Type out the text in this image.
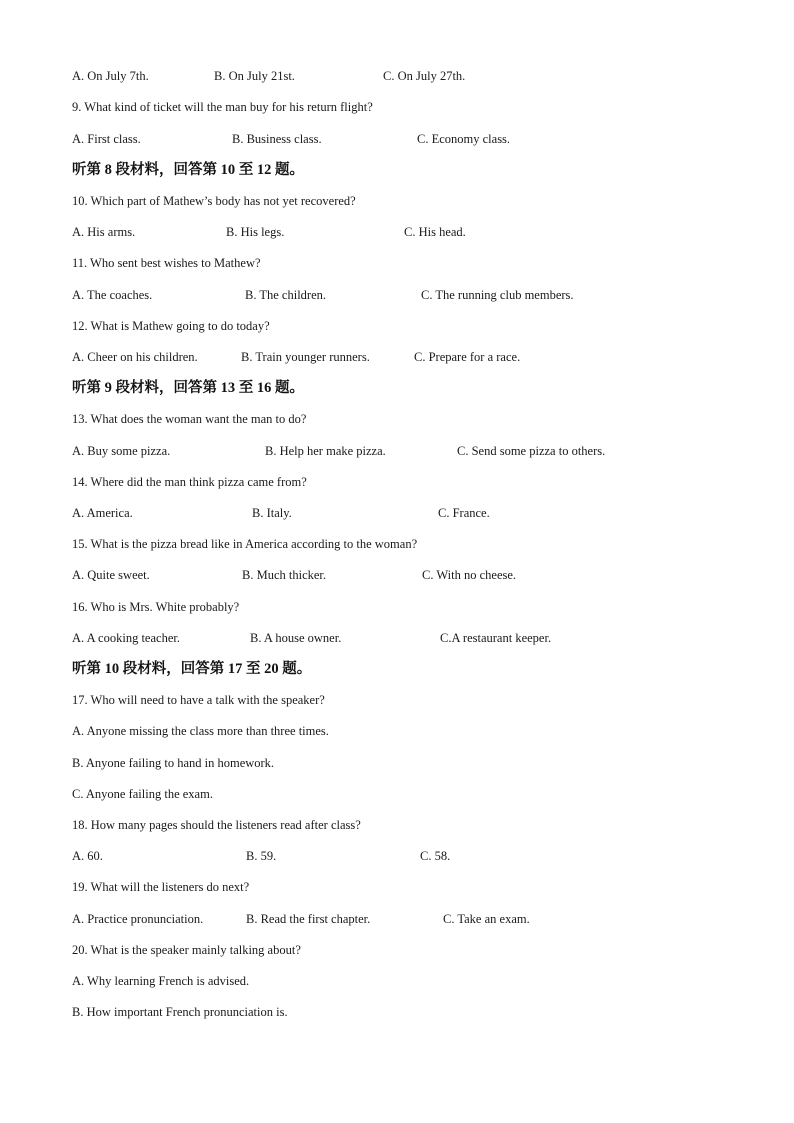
A. On July 7th.	B. On July 21st.	C. On July 27th.
9. What kind of ticket will the man buy for his return flight?
A. First class.	B. Business class.	C. Economy class.
听第 8 段材料，回答第 10 至 12 题。
10. Which part of Mathew’s body has not yet recovered?
A. His arms.	B. His legs.	C. His head.
11. Who sent best wishes to Mathew?
A. The coaches.	B. The children.	C. The running club members.
12. What is Mathew going to do today?
A. Cheer on his children.	B. Train younger runners.	C. Prepare for a race.
听第 9 段材料，回答第 13 至 16 题。
13. What does the woman want the man to do?
A. Buy some pizza.	B. Help her make pizza.	C. Send some pizza to others.
14. Where did the man think pizza came from?
A. America.	B. Italy.	C. France.
15. What is the pizza bread like in America according to the woman?
A. Quite sweet.	B. Much thicker.	C. With no cheese.
16. Who is Mrs. White probably?
A. A cooking teacher.	B. A house owner.	C.A restaurant keeper.
听第 10 段材料，回答第 17 至 20 题。
17. Who will need to have a talk with the speaker?
A. Anyone missing the class more than three times.
B. Anyone failing to hand in homework.
C. Anyone failing the exam.
18. How many pages should the listeners read after class?
A. 60.	B. 59.	C. 58.
19. What will the listeners do next?
A. Practice pronunciation.	B. Read the first chapter.	C. Take an exam.
20. What is the speaker mainly talking about?
A. Why learning French is advised.
B. How important French pronunciation is.
